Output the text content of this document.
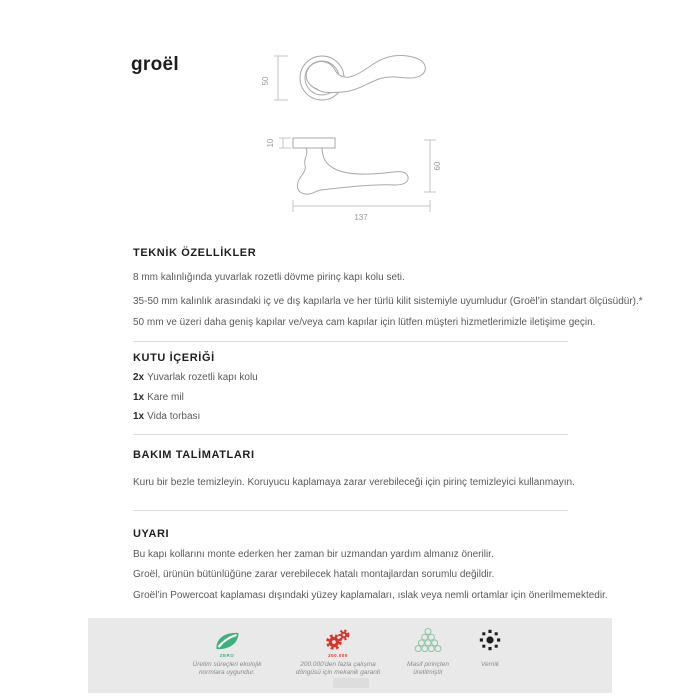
groël
50
10
60
137
TEKNİK ÖZELLİKLER
8 mm kalınlığında yuvarlak rozetli dövme pirinç kapı kolu seti.
35-50 mm kalınlık arasındaki iç ve dış kapılarla ve her türlü kilit sistemiyle uyumludur (Groël’in standart ölçüsüdür).*
50 mm ve üzeri daha geniş kapılar ve/veya cam kapılar için lütfen müşteri hizmetlerimizle iletişime geçin.
KUTU İÇERİĞİ
2x Yuvarlak rozetli kapı kolu
1x Kare mil
1x Vida torbası
BAKIM TALİMATLARI
Kuru bir bezle temizleyin. Koruyucu kaplamaya zarar verebileceği için pirinç temizleyici kullanmayın.
UYARI
Bu kapı kollarını monte ederken her zaman bir uzmandan yardım almanız önerilir.
Groël, ürünün bütünlüğüne zarar verebilecek hatalı montajlardan sorumlu değildir.
Groël’in Powercoat kaplaması dışındaki yüzey kaplamaları, ıslak veya nemli ortamlar için önerilmemektedir.
ZERO
Üretim süreçleri ekolojik
normlara uygundur.
200.000
200.000’den fazla çalışma
döngüsü için mekanik garanti
Masif pirinçten
üretilmiştir
Vernik
